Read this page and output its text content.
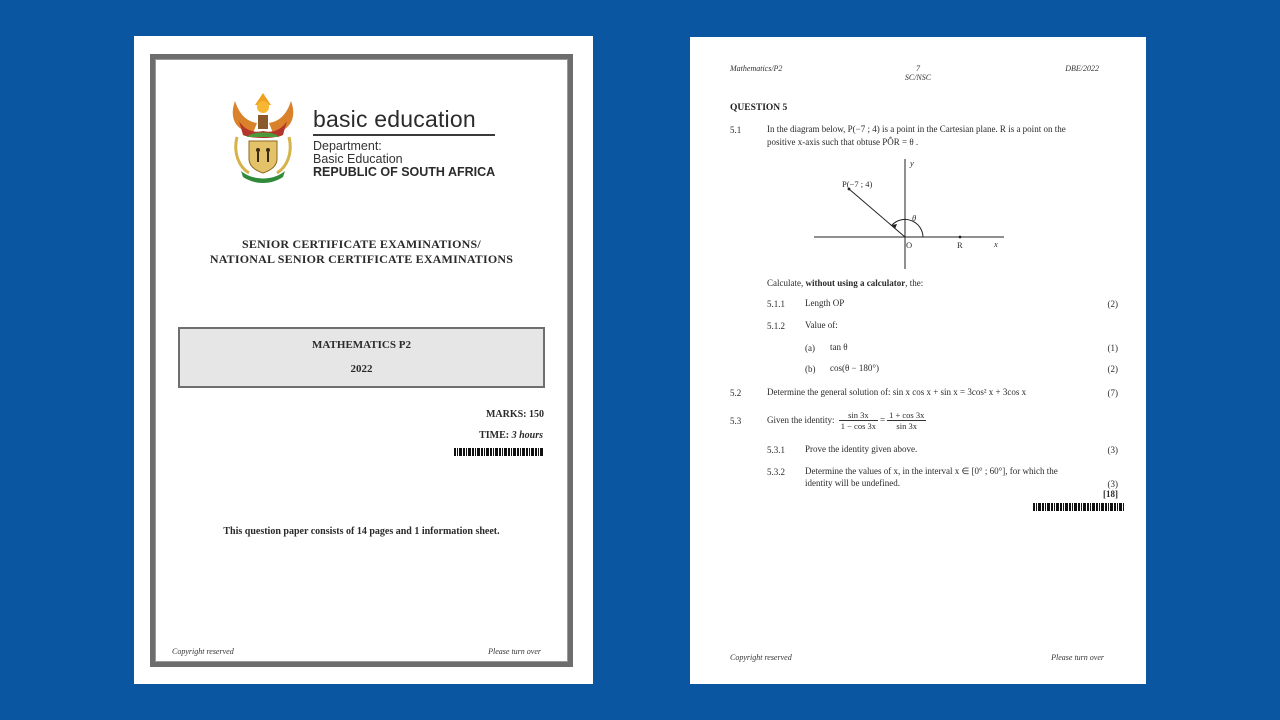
basic education
Department:
Basic Education
REPUBLIC OF SOUTH AFRICA
SENIOR CERTIFICATE EXAMINATIONS/
NATIONAL SENIOR CERTIFICATE EXAMINATIONS
MATHEMATICS P2
2022
MARKS: 150
TIME: 3 hours
This question paper consists of 14 pages and 1 information sheet.
Copyright reserved	Please turn over
Mathematics/P2	7
SC/NSC
DBE/2022
QUESTION 5
5.1	In the diagram below, P(−7 ; 4) is a point in the Cartesian plane. R is a point on the
positive x-axis such that obtuse PÔR = θ .
P(−7 ; 4)
O	R	x
y
θ
Calculate, without using a calculator, the:
5.1.1 Length OP	(2)
5.1.2 Value of:
(a) tan θ	(1)
(b) cos(θ − 180°)	(2)
5.2	Determine the general solution of: sin x cos x + sin x = 3cos² x + 3cos x	(7)
5.3	Given the identity: $\frac{\sin 3x}{1 - \cos 3x} = \frac{1 + \cos 3x}{\sin 3x}$
5.3.1 Prove the identity given above.	(3)
5.3.2 Determine the values of x, in the interval x ∈ [0° ; 60°], for which the
identity will be undefined.	(3)
[18]
Copyright reserved	Please turn over
